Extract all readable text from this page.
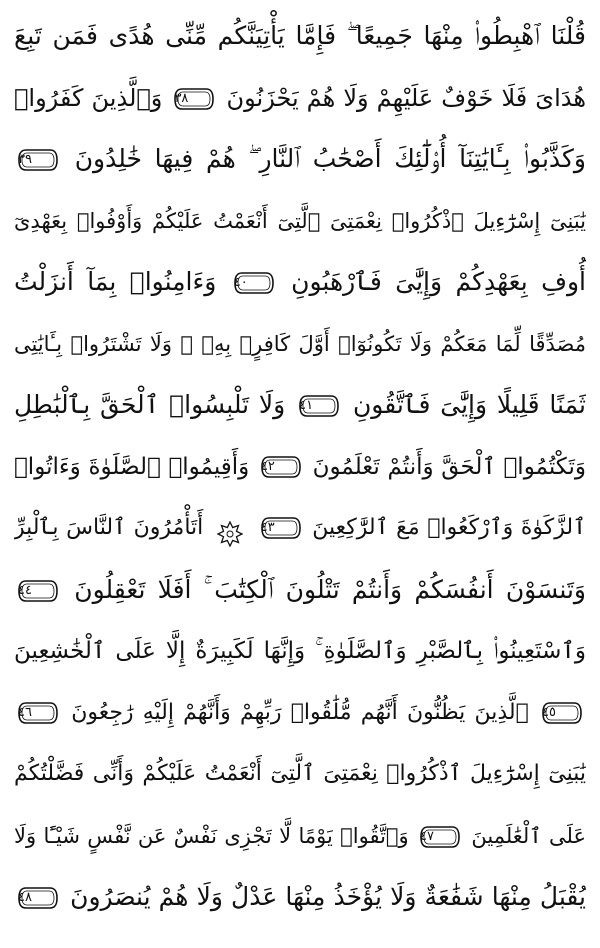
قُلْنَا ٱهْبِطُوا۟ مِنْهَا جَمِيعًا ۖ فَإِمَّا يَأْتِيَنَّكُم مِّنِّى هُدًى فَمَن تَبِعَ
هُدَاىَ فَلَا خَوْفٌ عَلَيْهِمْ وَلَا هُمْ يَحْزَنُونَ
٣٨
وَٱلَّذِينَ كَفَرُوا۟
وَكَذَّبُوا۟ بِـَٔايَٰتِنَآ أُو۟لَٰٓئِكَ أَصْحَٰبُ ٱلنَّارِ ۖ هُمْ فِيهَا خَٰلِدُونَ
٣٩
يَٰبَنِىٓ إِسْرَٰٓءِيلَ ٱذْكُرُوا۟ نِعْمَتِىَ ٱلَّتِىٓ أَنْعَمْتُ عَلَيْكُمْ وَأَوْفُوا۟ بِعَهْدِىٓ
أُوفِ بِعَهْدِكُمْ وَإِيَّٰىَ فَٱرْهَبُونِ
٤٠
وَءَامِنُوا۟ بِمَآ أَنزَلْتُ
مُصَدِّقًا لِّمَا مَعَكُمْ وَلَا تَكُونُوٓا۟ أَوَّلَ كَافِرٍۭ بِهِۦ ۖ وَلَا تَشْتَرُوا۟ بِـَٔايَٰتِى
ثَمَنًا قَلِيلًا وَإِيَّٰىَ فَٱتَّقُونِ
٤١
وَلَا تَلْبِسُوا۟ ٱلْحَقَّ بِٱلْبَٰطِلِ
وَتَكْتُمُوا۟ ٱلْحَقَّ وَأَنتُمْ تَعْلَمُونَ
٤٢
وَأَقِيمُوا۟ ٱلصَّلَوٰةَ وَءَاتُوا۟
ٱلزَّكَوٰةَ وَٱرْكَعُوا۟ مَعَ ٱلرَّٰكِعِينَ
٤٣
أَتَأْمُرُونَ ٱلنَّاسَ بِٱلْبِرِّ
وَتَنسَوْنَ أَنفُسَكُمْ وَأَنتُمْ تَتْلُونَ ٱلْكِتَٰبَ ۚ أَفَلَا تَعْقِلُونَ
٤٤
وَٱسْتَعِينُوا۟ بِٱلصَّبْرِ وَٱلصَّلَوٰةِ ۚ وَإِنَّهَا لَكَبِيرَةٌ إِلَّا عَلَى ٱلْخَٰشِعِينَ
٤٥
ٱلَّذِينَ يَظُنُّونَ أَنَّهُم مُّلَٰقُوا۟ رَبِّهِمْ وَأَنَّهُمْ إِلَيْهِ رَٰجِعُونَ
٤٦
يَٰبَنِىٓ إِسْرَٰٓءِيلَ ٱذْكُرُوا۟ نِعْمَتِىَ ٱلَّتِىٓ أَنْعَمْتُ عَلَيْكُمْ وَأَنِّى فَضَّلْتُكُمْ
عَلَى ٱلْعَٰلَمِينَ
٤٧
وَٱتَّقُوا۟ يَوْمًا لَّا تَجْزِى نَفْسٌ عَن نَّفْسٍ شَيْـًٔا وَلَا
يُقْبَلُ مِنْهَا شَفَٰعَةٌ وَلَا يُؤْخَذُ مِنْهَا عَدْلٌ وَلَا هُمْ يُنصَرُونَ
٤٨
